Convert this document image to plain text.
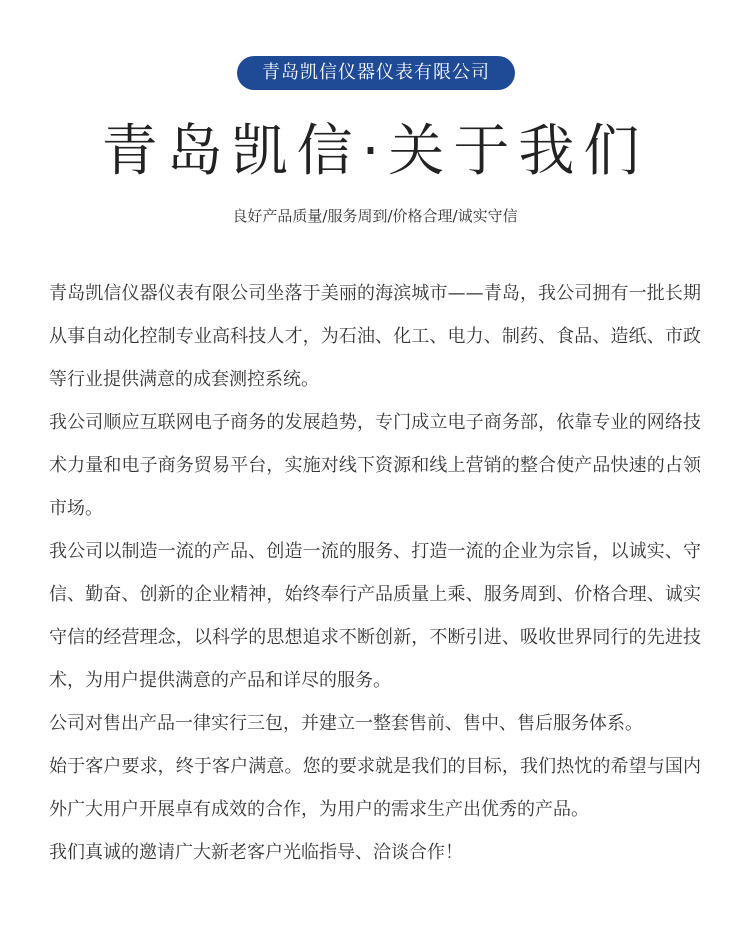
青岛凯信仪器仪表有限公司
青岛凯信·关于我们
良好产品质量/服务周到/价格合理/诚实守信

青岛凯信仪器仪表有限公司坐落于美丽的海滨城市——青岛，我公司拥有一批长期从事自动化控制专业高科技人才，为石油、化工、电力、制药、食品、造纸、市政等行业提供满意的成套测控系统。

我公司顺应互联网电子商务的发展趋势，专门成立电子商务部，依靠专业的网络技术力量和电子商务贸易平台，实施对线下资源和线上营销的整合使产品快速的占领市场。

我公司以制造一流的产品、创造一流的服务、打造一流的企业为宗旨，以诚实、守信、勤奋、创新的企业精神，始终奉行产品质量上乘、服务周到、价格合理、诚实守信的经营理念，以科学的思想追求不断创新，不断引进、吸收世界同行的先进技术，为用户提供满意的产品和详尽的服务。

公司对售出产品一律实行三包，并建立一整套售前、售中、售后服务体系。

始于客户要求，终于客户满意。您的要求就是我们的目标，我们热忱的希望与国内外广大用户开展卓有成效的合作，为用户的需求生产出优秀的产品。

我们真诚的邀请广大新老客户光临指导、洽谈合作！
